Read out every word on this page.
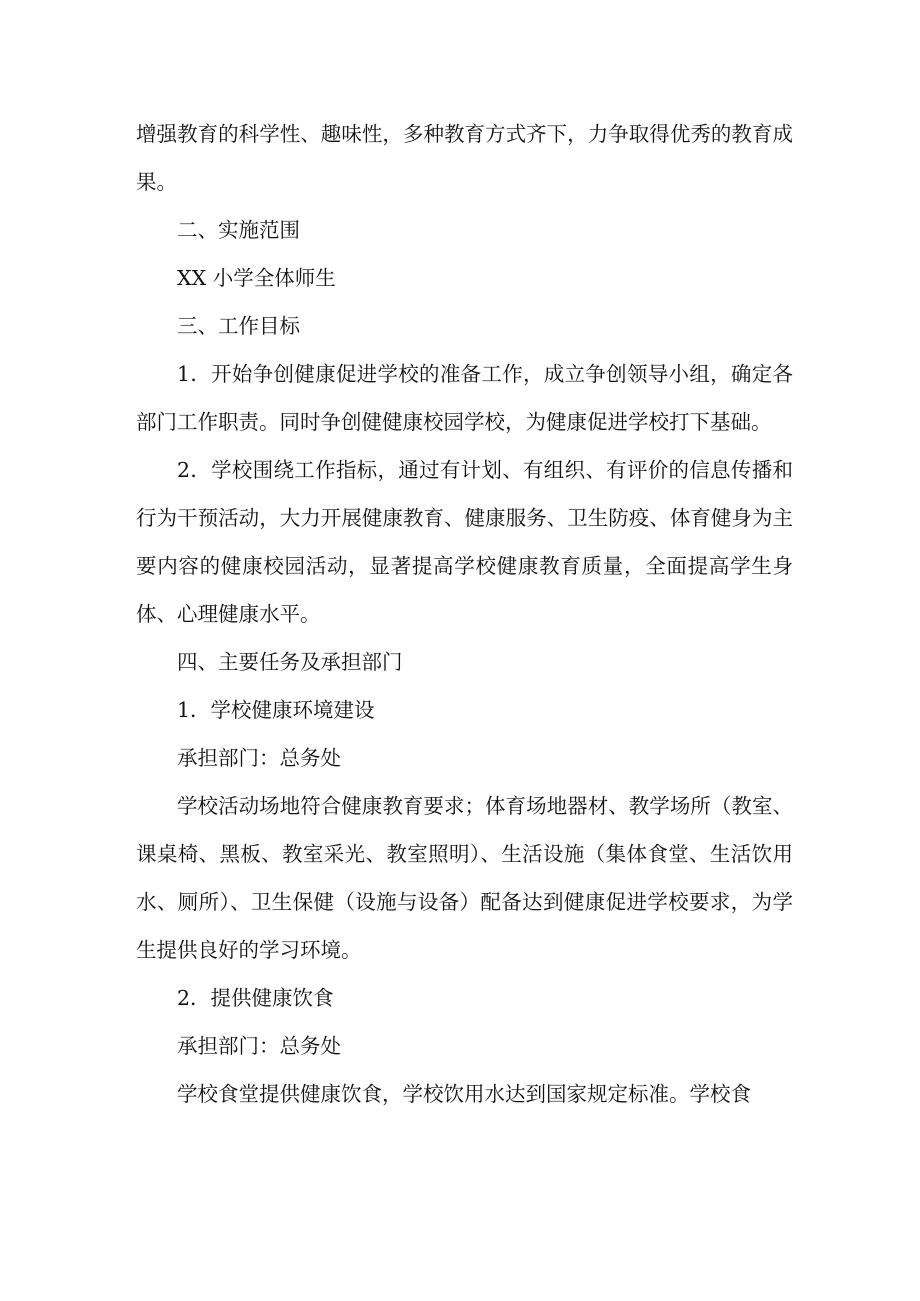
增强教育的科学性、趣味性，多种教育方式齐下，力争取得优秀的教育成果。

二、实施范围

XX 小学全体师生

三、工作目标

1．开始争创健康促进学校的准备工作，成立争创领导小组，确定各部门工作职责。同时争创健健康校园学校，为健康促进学校打下基础。

2．学校围绕工作指标，通过有计划、有组织、有评价的信息传播和行为干预活动，大力开展健康教育、健康服务、卫生防疫、体育健身为主要内容的健康校园活动，显著提高学校健康教育质量，全面提高学生身体、心理健康水平。

四、主要任务及承担部门

1．学校健康环境建设

承担部门：总务处

学校活动场地符合健康教育要求；体育场地器材、教学场所（教室、课桌椅、黑板、教室采光、教室照明）、生活设施（集体食堂、生活饮用水、厕所）、卫生保健（设施与设备）配备达到健康促进学校要求，为学生提供良好的学习环境。

2．提供健康饮食

承担部门：总务处

学校食堂提供健康饮食，学校饮用水达到国家规定标准。学校食
